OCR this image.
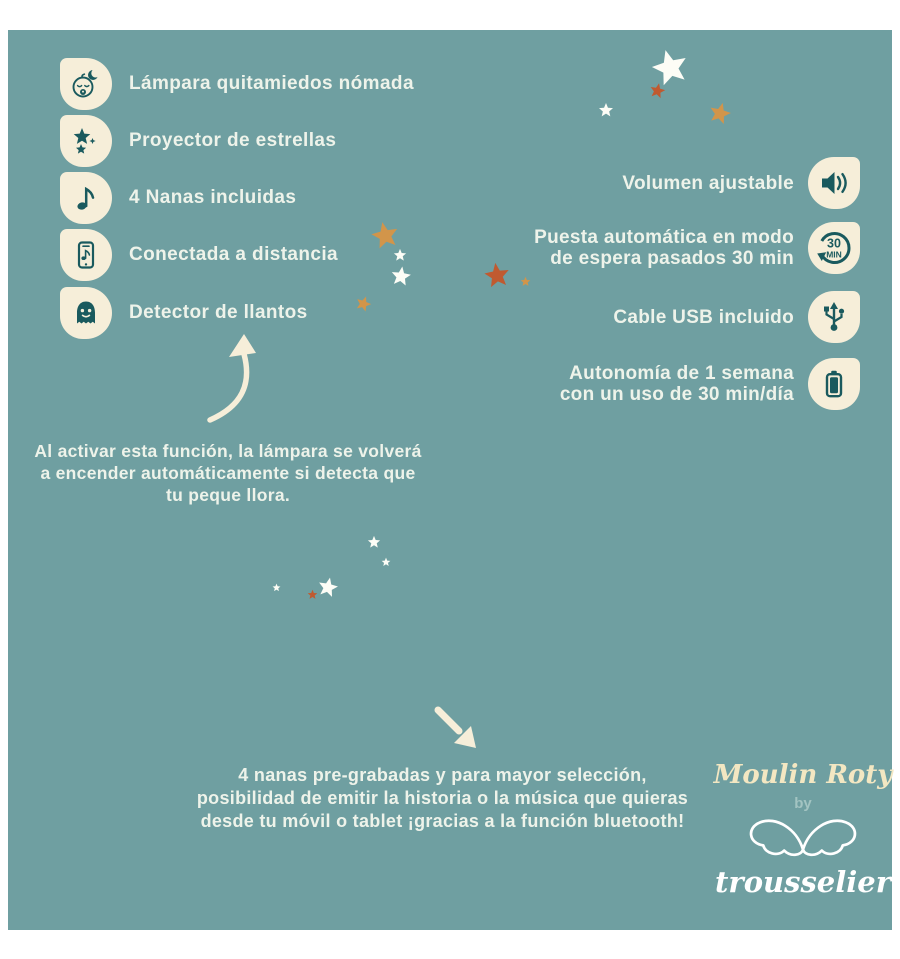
Lámpara quitamiedos nómada
Proyector de estrellas
4 Nanas incluidas
Conectada a distancia
Detector de llantos
Volumen ajustable
Puesta automática en modo
de espera pasados 30 min
30
MIN
Cable USB incluido
Autonomía de 1 semana
con un uso de 30 min/día
Al activar esta función, la lámpara se volverá
a encender automáticamente si detecta que
tu peque llora.
4 nanas pre-grabadas y para mayor selección,
posibilidad de emitir la historia o la música que quieras
desde tu móvil o tablet ¡gracias a la función bluetooth!
Moulin Roty
by
trousselier
